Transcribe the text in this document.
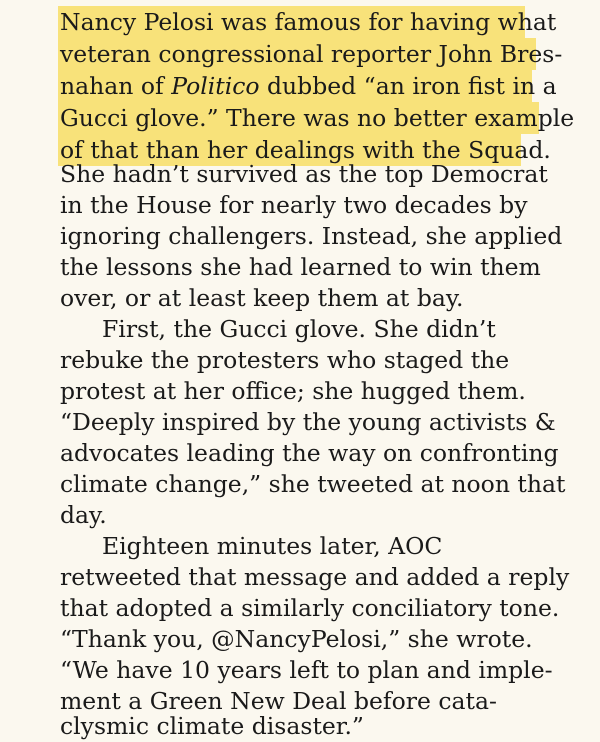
Nancy Pelosi was famous for having what
veteran congressional reporter John Bres-
nahan of Politico dubbed “an iron fist in a
Gucci glove.” There was no better example
of that than her dealings with the Squad.
She hadn’t survived as the top Democrat
in the House for nearly two decades by
ignoring challengers. Instead, she applied
the lessons she had learned to win them
over, or at least keep them at bay.
First, the Gucci glove. She didn’t
rebuke the protesters who staged the
protest at her office; she hugged them.
“Deeply inspired by the young activists &
advocates leading the way on confronting
climate change,” she tweeted at noon that
day.
Eighteen minutes later, AOC
retweeted that message and added a reply
that adopted a similarly conciliatory tone.
“Thank you, @NancyPelosi,” she wrote.
“We have 10 years left to plan and imple-
ment a Green New Deal before cata-
clysmic climate disaster.”
